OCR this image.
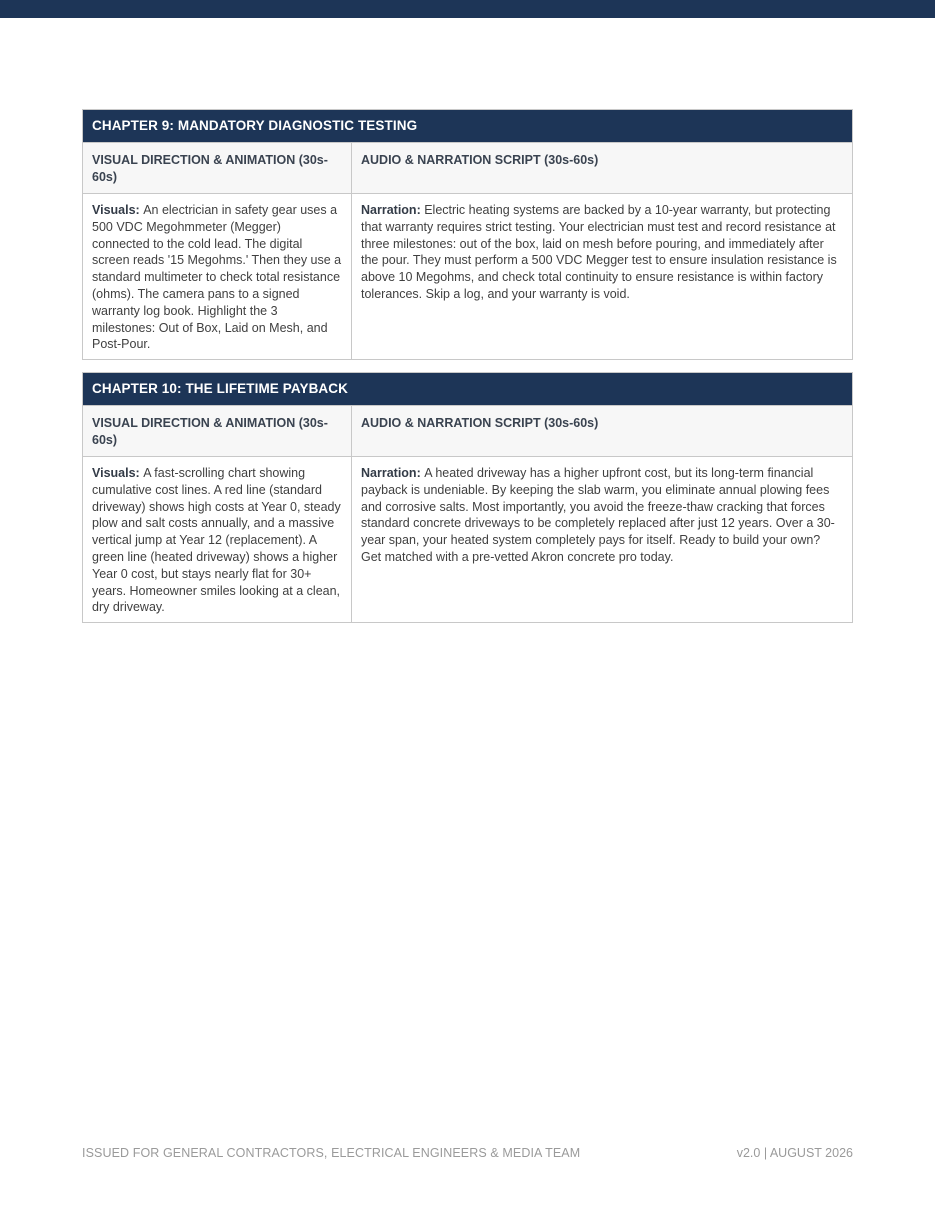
CHAPTER 9: MANDATORY DIAGNOSTIC TESTING
VISUAL DIRECTION & ANIMATION (30s-60s)
AUDIO & NARRATION SCRIPT (30s-60s)
Visuals: An electrician in safety gear uses a 500 VDC Megohmmeter (Megger) connected to the cold lead. The digital screen reads '15 Megohms.' Then they use a standard multimeter to check total resistance (ohms). The camera pans to a signed warranty log book. Highlight the 3 milestones: Out of Box, Laid on Mesh, and Post-Pour.
Narration: Electric heating systems are backed by a 10-year warranty, but protecting that warranty requires strict testing. Your electrician must test and record resistance at three milestones: out of the box, laid on mesh before pouring, and immediately after the pour. They must perform a 500 VDC Megger test to ensure insulation resistance is above 10 Megohms, and check total continuity to ensure resistance is within factory tolerances. Skip a log, and your warranty is void.
CHAPTER 10: THE LIFETIME PAYBACK
VISUAL DIRECTION & ANIMATION (30s-60s)
AUDIO & NARRATION SCRIPT (30s-60s)
Visuals: A fast-scrolling chart showing cumulative cost lines. A red line (standard driveway) shows high costs at Year 0, steady plow and salt costs annually, and a massive vertical jump at Year 12 (replacement). A green line (heated driveway) shows a higher Year 0 cost, but stays nearly flat for 30+ years. Homeowner smiles looking at a clean, dry driveway.
Narration: A heated driveway has a higher upfront cost, but its long-term financial payback is undeniable. By keeping the slab warm, you eliminate annual plowing fees and corrosive salts. Most importantly, you avoid the freeze-thaw cracking that forces standard concrete driveways to be completely replaced after just 12 years. Over a 30-year span, your heated system completely pays for itself. Ready to build your own? Get matched with a pre-vetted Akron concrete pro today.
ISSUED FOR GENERAL CONTRACTORS, ELECTRICAL ENGINEERS & MEDIA TEAM	v2.0 | AUGUST 2026
